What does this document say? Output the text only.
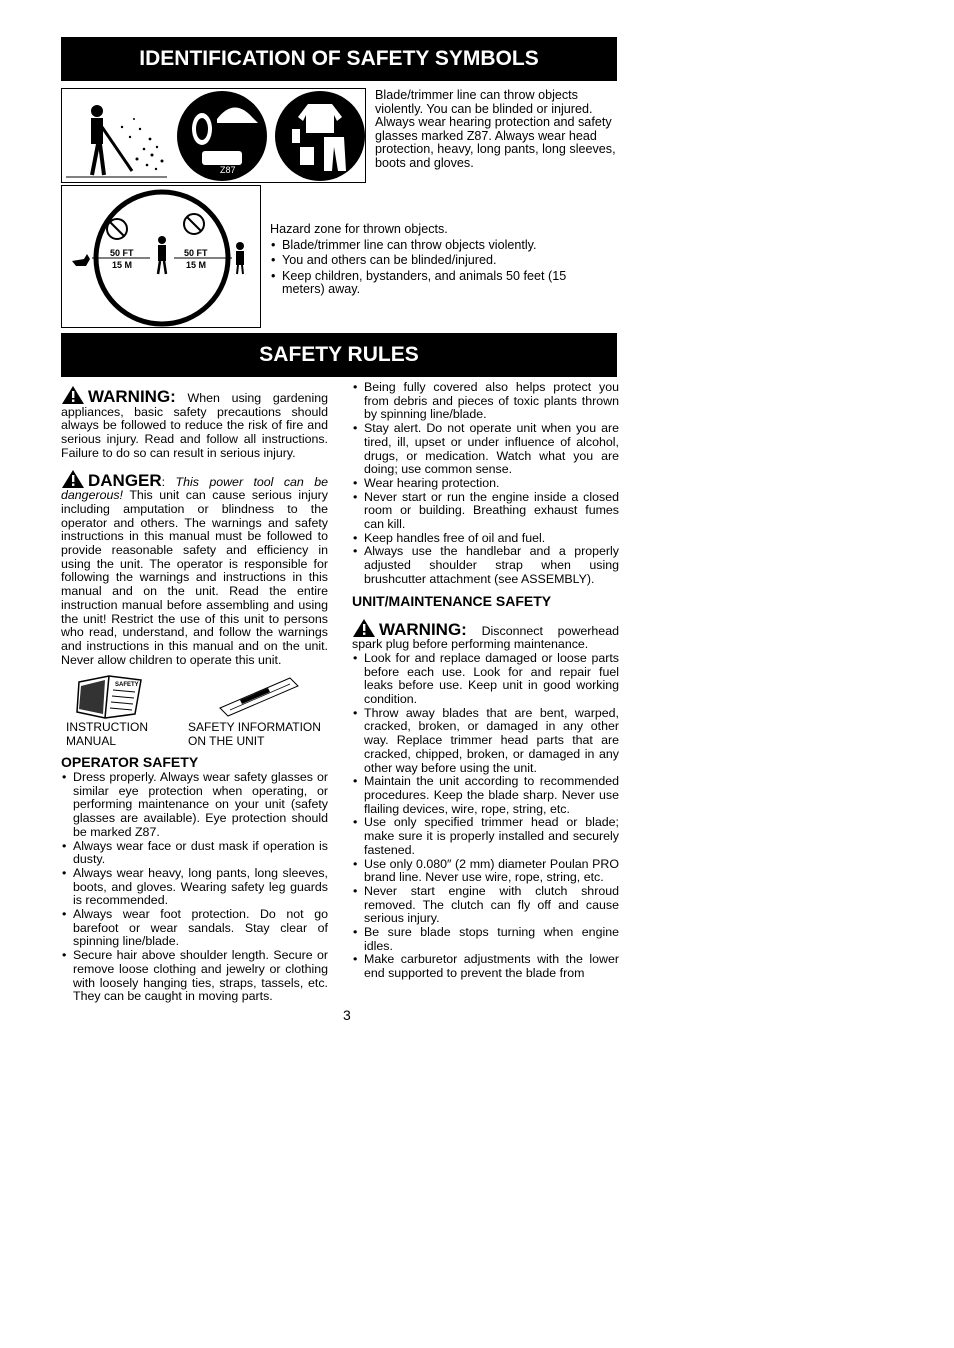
IDENTIFICATION OF SAFETY SYMBOLS
Z87
Blade/trimmer line can throw objects violently. You can be blinded or injured. Always wear hearing protection and safety glasses marked Z87. Always wear head protection, heavy, long pants, long sleeves, boots and gloves.
50 FT
15 M
50 FT
15 M
Hazard zone for thrown objects.
• Blade/trimmer line can throw objects violently.
• You and others can be blinded/injured.
• Keep children, bystanders, and animals 50 feet (15 meters) away.
SAFETY RULES

WARNING: When using gardening appliances, basic safety precautions should always be followed to reduce the risk of fire and serious injury. Read and follow all instructions. Failure to do so can result in serious injury.

DANGER: This power tool can be dangerous! This unit can cause serious injury including amputation or blindness to the operator and others. The warnings and safety instructions in this manual must be followed to provide reasonable safety and efficiency in using the unit. The operator is responsible for following the warnings and instructions in this manual and on the unit. Read the entire instruction manual before assembling and using the unit! Restrict the use of this unit to persons who read, understand, and follow the warnings and instructions in this manual and on the unit. Never allow children to operate this unit.

SAFETY
INSTRUCTION
MANUAL
SAFETY INFORMATION
ON THE UNIT
OPERATOR SAFETY
• Dress properly. Always wear safety glasses or similar eye protection when operating, or performing maintenance on your unit (safety glasses are available). Eye protection should be marked Z87.
• Always wear face or dust mask if operation is dusty.
• Always wear heavy, long pants, long sleeves, boots, and gloves. Wearing safety leg guards is recommended.
• Always wear foot protection. Do not go barefoot or wear sandals. Stay clear of spinning line/blade.
• Secure hair above shoulder length. Secure or remove loose clothing and jewelry or clothing with loosely hanging ties, straps, tassels, etc. They can be caught in moving parts.
• Being fully covered also helps protect you from debris and pieces of toxic plants thrown by spinning line/blade.
• Stay alert. Do not operate unit when you are tired, ill, upset or under influence of alcohol, drugs, or medication. Watch what you are doing; use common sense.
• Wear hearing protection.
• Never start or run the engine inside a closed room or building. Breathing exhaust fumes can kill.
• Keep handles free of oil and fuel.
• Always use the handlebar and a properly adjusted shoulder strap when using brushcutter attachment (see ASSEMBLY).
UNIT/MAINTENANCE SAFETY

WARNING: Disconnect powerhead spark plug before performing maintenance.

• Look for and replace damaged or loose parts before each use. Look for and repair fuel leaks before use. Keep unit in good working condition.
• Throw away blades that are bent, warped, cracked, broken, or damaged in any other way. Replace trimmer head parts that are cracked, chipped, broken, or damaged in any other way before using the unit.
• Maintain the unit according to recommended procedures. Keep the blade sharp. Never use flailing devices, wire, rope, string, etc.
• Use only specified trimmer head or blade; make sure it is properly installed and securely fastened.
• Use only 0.080″ (2 mm) diameter Poulan PRO brand line. Never use wire, rope, string, etc.
• Never start engine with clutch shroud removed. The clutch can fly off and cause serious injury.
• Be sure blade stops turning when engine idles.
• Make carburetor adjustments with the lower end supported to prevent the blade from
3
